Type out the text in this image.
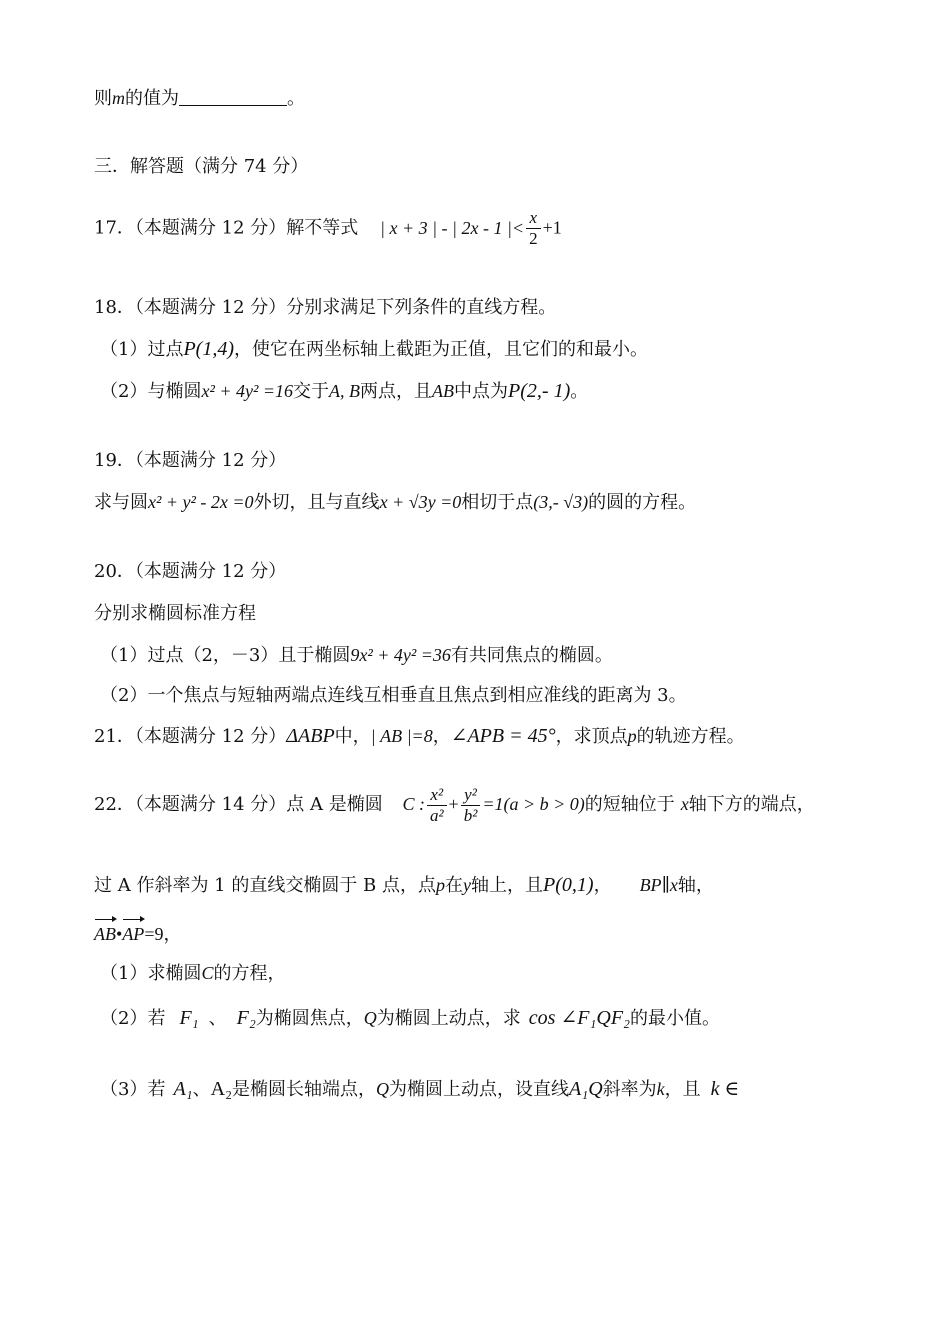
则m的值为	。
三．解答题（满分 74 分）
17．（本题满分 12 分）解不等式 | x + 3 | - | 2x - 1 |< $\frac{x}{2} +1$
18．（本题满分 12 分）分别求满足下列条件的直线方程。
（1）过点P(1,4)，使它在两坐标轴上截距为正值，且它们的和最小。
（2）与椭圆x² + 4y² =16交于A, B两点，且AB中点为P(2,- 1)。
19．（本题满分 12 分）
求与圆x² + y² - 2x =0外切，且与直线x + √3y =0相切于点(3,- √3)的圆的方程。
20．（本题满分 12 分）
分别求椭圆标准方程
（1）过点（2，－3）且于椭圆9x² + 4y² =36有共同焦点的椭圆。
（2）一个焦点与短轴两端点连线互相垂直且焦点到相应准线的距离为 3。
21．（本题满分 12 分）ΔABP中，| AB |=8，∠APB = 45°，求顶点p的轨迹方程。
22．（本题满分 14 分）点 A 是椭圆 C : $\frac{\text{x²}}{\text{a²}} + \frac{\text{y²}}{\text{b²}} =1(a > b > 0)$的短轴位于 x轴下方的端点，
过 A 作斜率为 1 的直线交椭圆于 B 点，点p在y轴上，且P(0,1)， BP∥x轴，
AB•AP=9，
（1）求椭圆C的方程，
（2）若 F₁ 、 F₂为椭圆焦点，Q为椭圆上动点，求 cos ∠F₁QF₂的最小值。
（3）若 A₁、A₂是椭圆长轴端点，Q为椭圆上动点，设直线A₁Q斜率为k，且 k ∈
